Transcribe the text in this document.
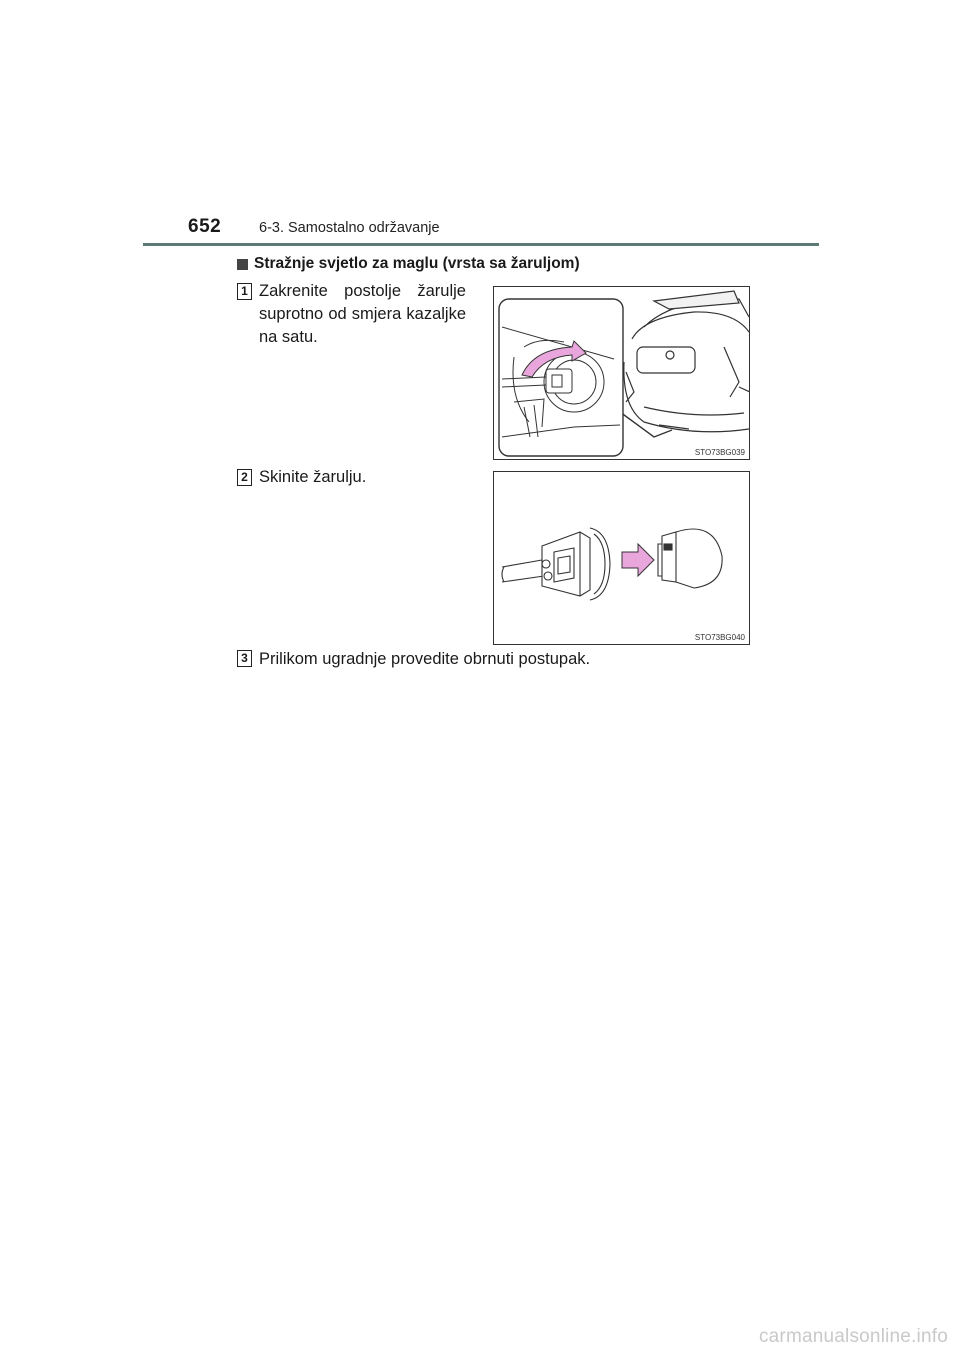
652	6-3. Samostalno održavanje
Stražnje svjetlo za maglu (vrsta sa žaruljom)
1 Zakrenite postolje žarulje suprotno od smjera kazaljke na satu.
STO73BG039
2 Skinite žarulju.
STO73BG040
3 Prilikom ugradnje provedite obrnuti postupak.
carmanualsonline.info
